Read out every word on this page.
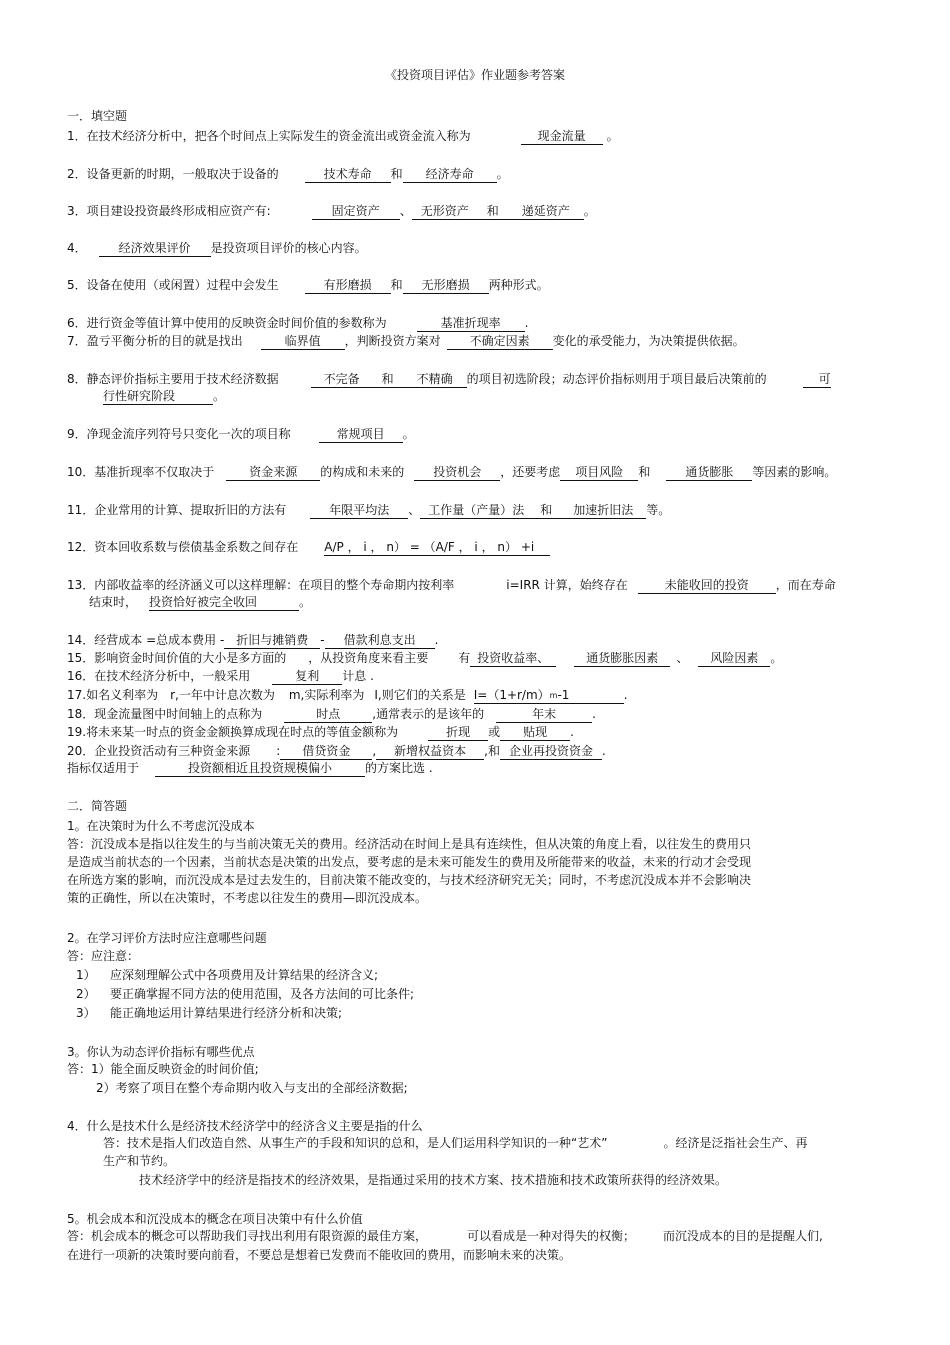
《投资项目评估》作业题参考答案
一．填空题
1．在技术经济分析中，把各个时间点上实际发生的资金流出或资金流入称为	现金流量 。
2．设备更新的时期，一般取决于设备的	技术寿命 和 经济寿命 。
3．项目建设投资最终形成相应资产有:	固定资产 、 无形资产 和 递延资产 。
4．	经济效果评价 是投资项目评价的核心内容。
5．设备在使用（或闲置）过程中会发生	有形磨损 和 无形磨损 两种形式。
6．进行资金等值计算中使用的反映资金时间价值的参数称为	基准折现率 .
7．盈亏平衡分析的目的就是找出	临界值 ，判断投资方案对 不确定因素 变化的承受能力，为决策提供依据。
8．静态评价指标主要用于技术经济数据	不完备 和 不精确 的项目初选阶段；动态评价指标则用于项目最后决策前的	可
行性研究阶段	。
9．净现金流序列符号只变化一次的项目称	常规项目 。
10．基准折现率不仅取决于	资金来源 的构成和未来的 投资机会 ，还要考虑 项目风险 和	通货膨胀 等因素的影响。
11．企业常用的计算、提取折旧的方法有	年限平均法 、 工作量（产量）法 和 加速折旧法 等。
12．资本回收系数与偿债基金系数之间存在 A/P ， i ， n） = （A/F ， i ， n） +i
13．内部收益率的经济涵义可以这样理解：在项目的整个寿命期内按利率	i=IRR 计算，始终存在	未能收回的投资 ，而在寿命
结束时， 投资恰好被完全收回	。
14．经营成本 =总成本费用 - 折旧与摊销费 - 借款利息支出 .
15．影响资金时间价值的大小是多方面的 ，从投资角度来看主要	有 投资收益率、	通货膨胀因素 、 风险因素 。
16．在技术经济分析中，一般采用	复利 计息 .
17.如名义利率为 r,一年中计息次数为 m,实际利率为 I,则它们的关系是 $I=(1+r/m)^m-1$	.
18．现金流量图中时间轴上的点称为	时点	,通常表示的是该年的	年末	.
19.将未来某一时点的资金金额换算成现在时点的等值金额称为	折现 或 贴现 .
20．企业投资活动有三种资金来源 : 借贷资金 , 新增权益资本 ,和 企业再投资资金 .
指标仅适用于	投资额相近且投资规模偏小	的方案比选 .
二．简答题
1。在决策时为什么不考虑沉没成本
答：沉没成本是指以往发生的与当前决策无关的费用。经济活动在时间上是具有连续性，但从决策的角度上看，以往发生的费用只
是造成当前状态的一个因素，当前状态是决策的出发点，要考虑的是未来可能发生的费用及所能带来的收益，未来的行动才会受现
在所选方案的影响，而沉没成本是过去发生的，目前决策不能改变的，与技术经济研究无关；同时，不考虑沉没成本并不会影响决
策的正确性，所以在决策时，不考虑以往发生的费用—即沉没成本。
2。在学习评价方法时应注意哪些问题
答：应注意：
1） 应深刻理解公式中各项费用及计算结果的经济含义;
2） 要正确掌握不同方法的使用范围，及各方法间的可比条件;
3） 能正确地运用计算结果进行经济分析和决策;
3。你认为动态评价指标有哪些优点
答：1）能全面反映资金的时间价值;
2）考察了项目在整个寿命期内收入与支出的全部经济数据;
4．什么是技术什么是经济技术经济学中的经济含义主要是指的什么
答：技术是指人们改造自然、从事生产的手段和知识的总和，是人们运用科学知识的一种“艺术”	。经济是泛指社会生产、再
生产和节约。
技术经济学中的经济是指技术的经济效果，是指通过采用的技术方案、技术措施和技术政策所获得的经济效果。
5。机会成本和沉没成本的概念在项目决策中有什么价值
答：机会成本的概念可以帮助我们寻找出利用有限资源的最佳方案，	可以看成是一种对得失的权衡； 而沉没成本的目的是提醒人们,
在进行一项新的决策时要向前看，不要总是想着已发费而不能收回的费用，而影响未来的决策。
